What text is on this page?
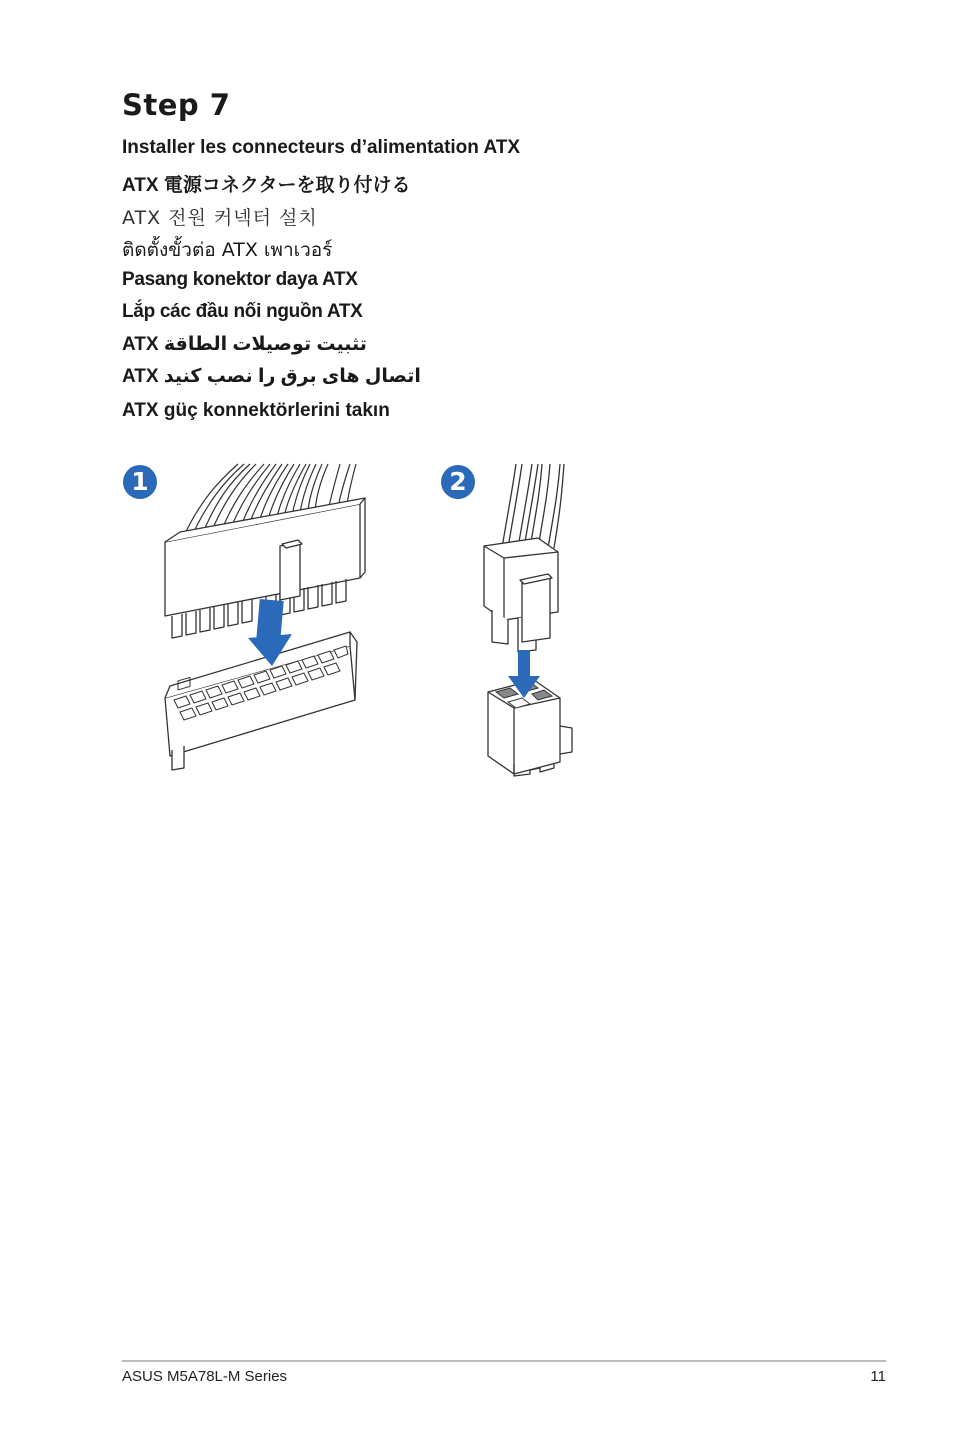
Step 7
Installer les connecteurs d’alimentation ATX
ATX 電源コネクターを取り付ける
ATX 전원 커넥터 설치
ติดตั้งขั้วต่อ ATX เพาเวอร์
Pasang konektor daya ATX
Lắp các đầu nối nguồn ATX
ATX تثبيت توصيلات الطاقة
ATX اتصال های برق را نصب کنید
ATX güç konnektörlerini takın
1	2
ASUS M5A78L-M Series	11
